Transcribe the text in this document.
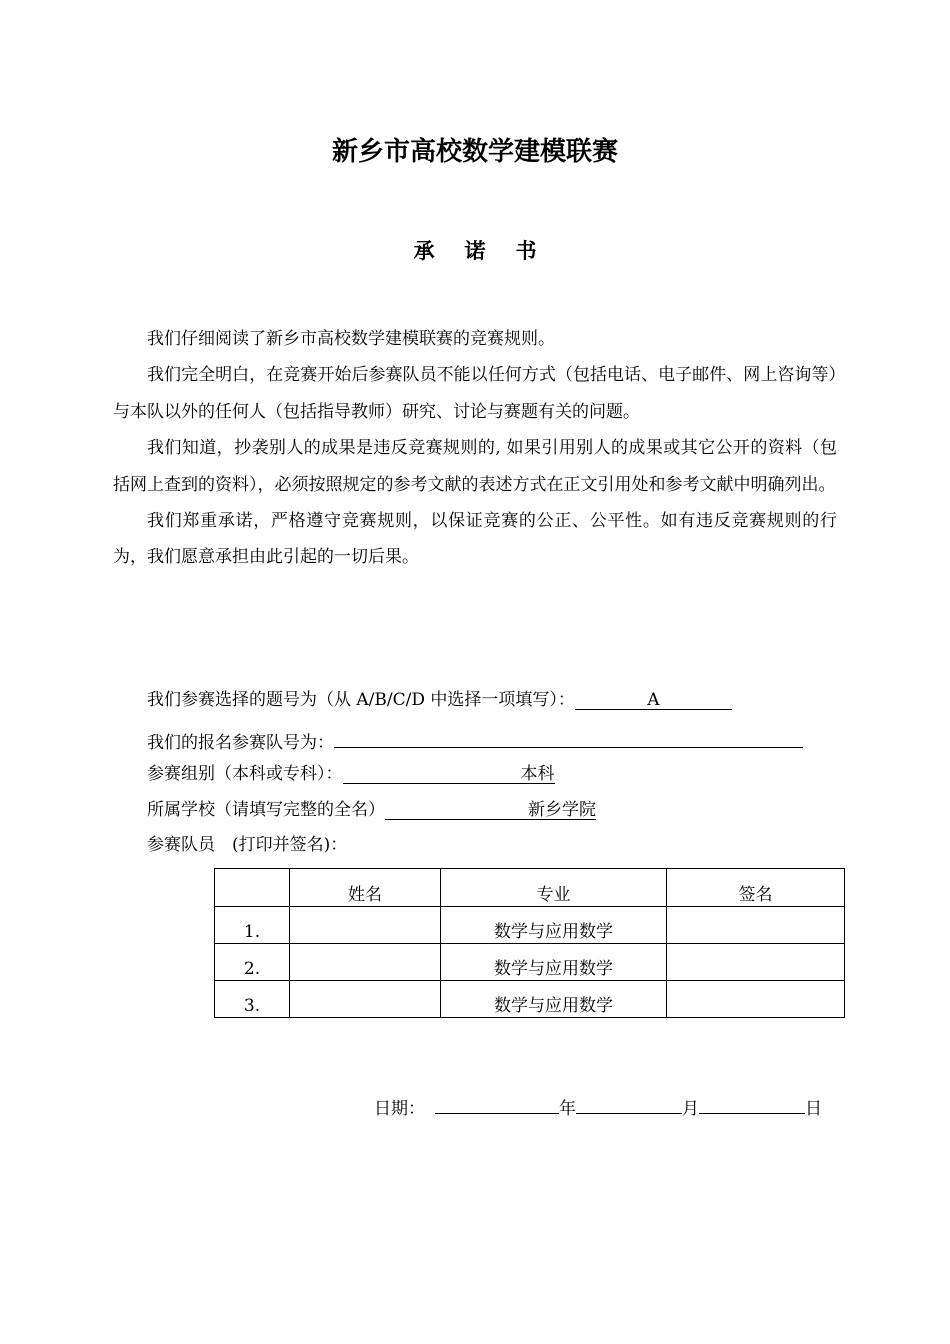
新乡市高校数学建模联赛
承诺书

我们仔细阅读了新乡市高校数学建模联赛的竞赛规则。

我们完全明白，在竞赛开始后参赛队员不能以任何方式（包括电话、电子邮件、网上咨询等）与本队以外的任何人（包括指导教师）研究、讨论与赛题有关的问题。

我们知道，抄袭别人的成果是违反竞赛规则的, 如果引用别人的成果或其它公开的资料（包括网上查到的资料），必须按照规定的参考文献的表述方式在正文引用处和参考文献中明确列出。

我们郑重承诺，严格遵守竞赛规则，以保证竞赛的公正、公平性。如有违反竞赛规则的行为，我们愿意承担由此引起的一切后果。

我们参赛选择的题号为（从 A/B/C/D 中选择一项填写）：	A
我们的报名参赛队号为：
参赛组别（本科或专科）：	本科
所属学校（请填写完整的全名）	新乡学院
参赛队员　(打印并签名)：
	姓名	专业	签名
1.		数学与应用数学	
2.		数学与应用数学	
3.		数学与应用数学	
日期：	年	月	日
